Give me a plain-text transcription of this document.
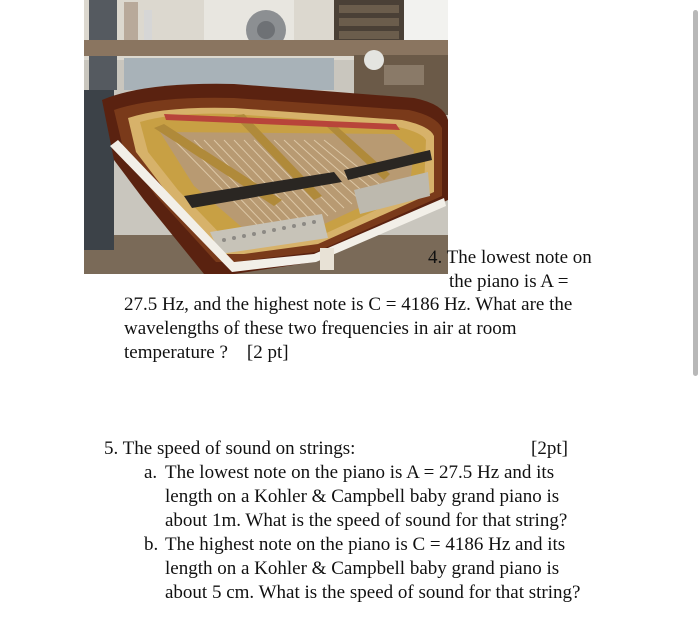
4. The lowest note on
the piano is A =
27.5 Hz, and the highest note is C = 4186 Hz. What are the
wavelengths of these two frequencies in air at room
temperature ?    [2 pt]
5. The speed of sound on strings:	[2pt]
a. The lowest note on the piano is A = 27.5 Hz and its
length on a Kohler & Campbell baby grand piano is
about 1m. What is the speed of sound for that string?
b. The highest note on the piano is C = 4186 Hz and its
length on a Kohler & Campbell baby grand piano is
about 5 cm. What is the speed of sound for that string?
